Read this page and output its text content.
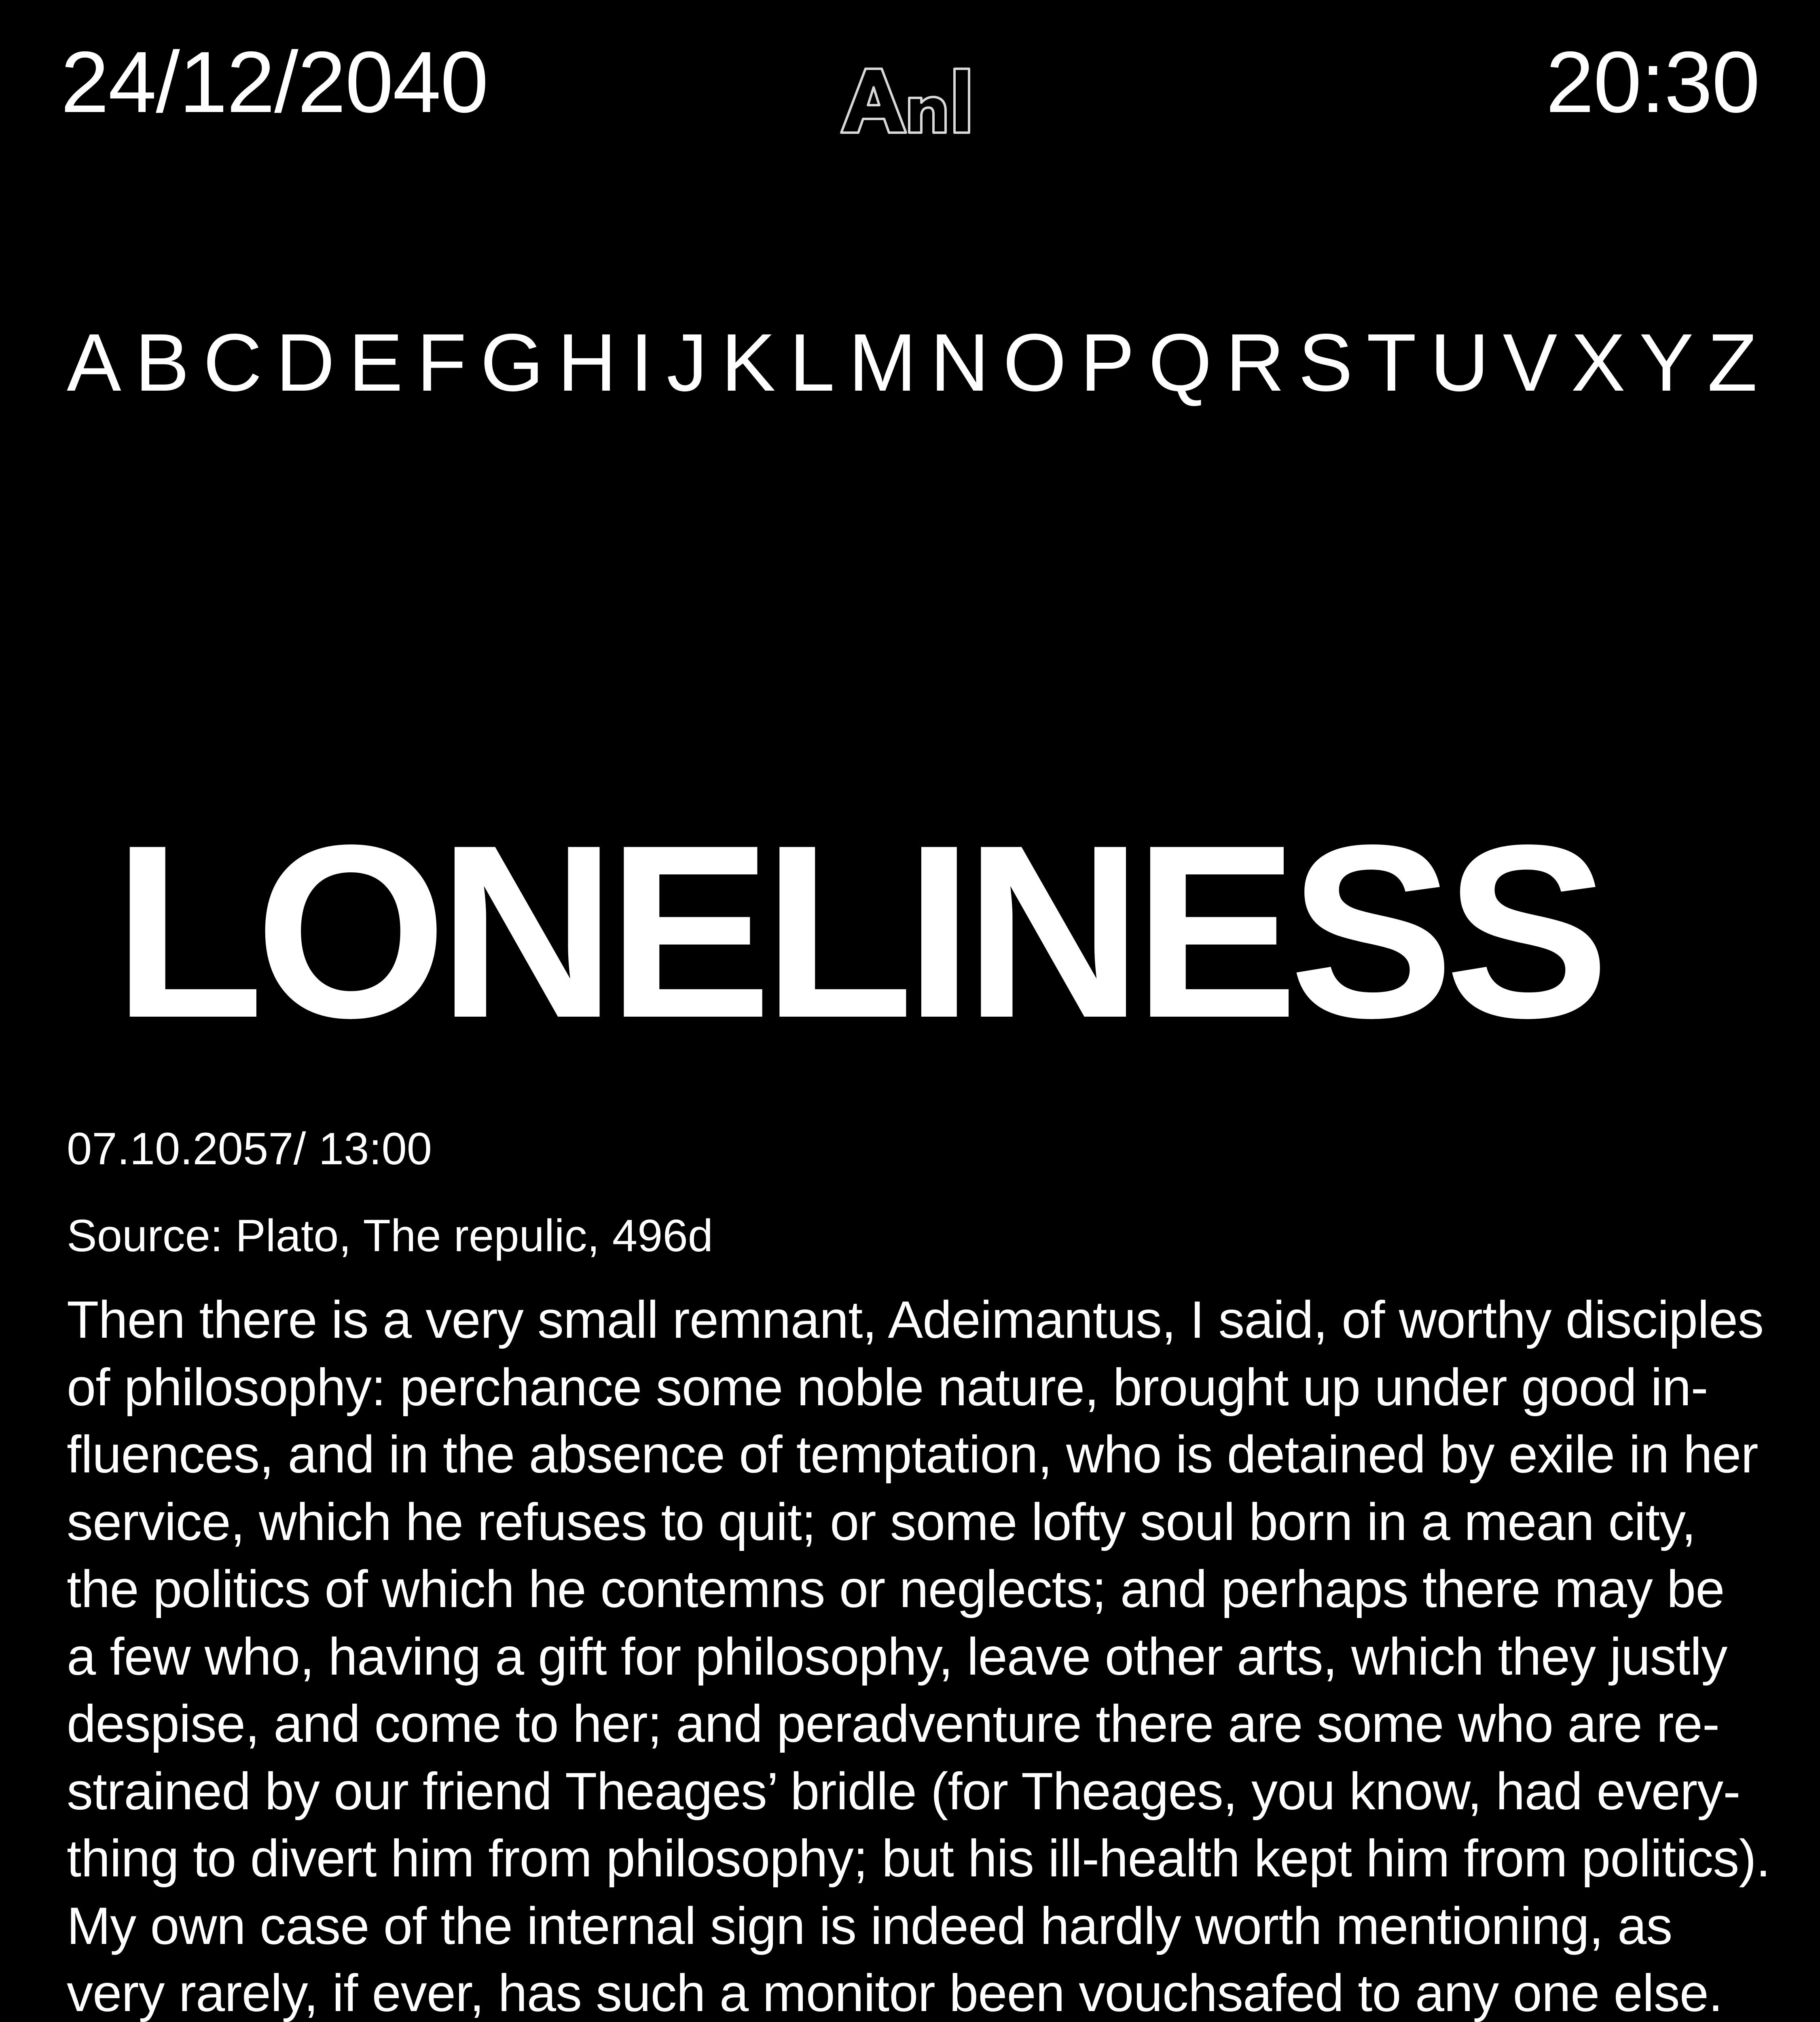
24/12/2040	20:30
A B C D E F G H I J K L M N O P Q R S T U V X Y Z
LONELINESS
07.10.2057/ 13:00
Source: Plato, The repulic, 496d

Then there is a very small remnant, Adeimantus, I said, of worthy disciples
of philosophy: perchance some noble nature, brought up under good in-
fluences, and in the absence of temptation, who is detained by exile in her
service, which he refuses to quit; or some lofty soul born in a mean city,
the politics of which he contemns or neglects; and perhaps there may be
a few who, having a gift for philosophy, leave other arts, which they justly
despise, and come to her; and peradventure there are some who are re-
strained by our friend Theages’ bridle (for Theages, you know, had every-
thing to divert him from philosophy; but his ill-health kept him from politics).
My own case of the internal sign is indeed hardly worth mentioning, as
very rarely, if ever, has such a monitor been vouchsafed to any one else.
